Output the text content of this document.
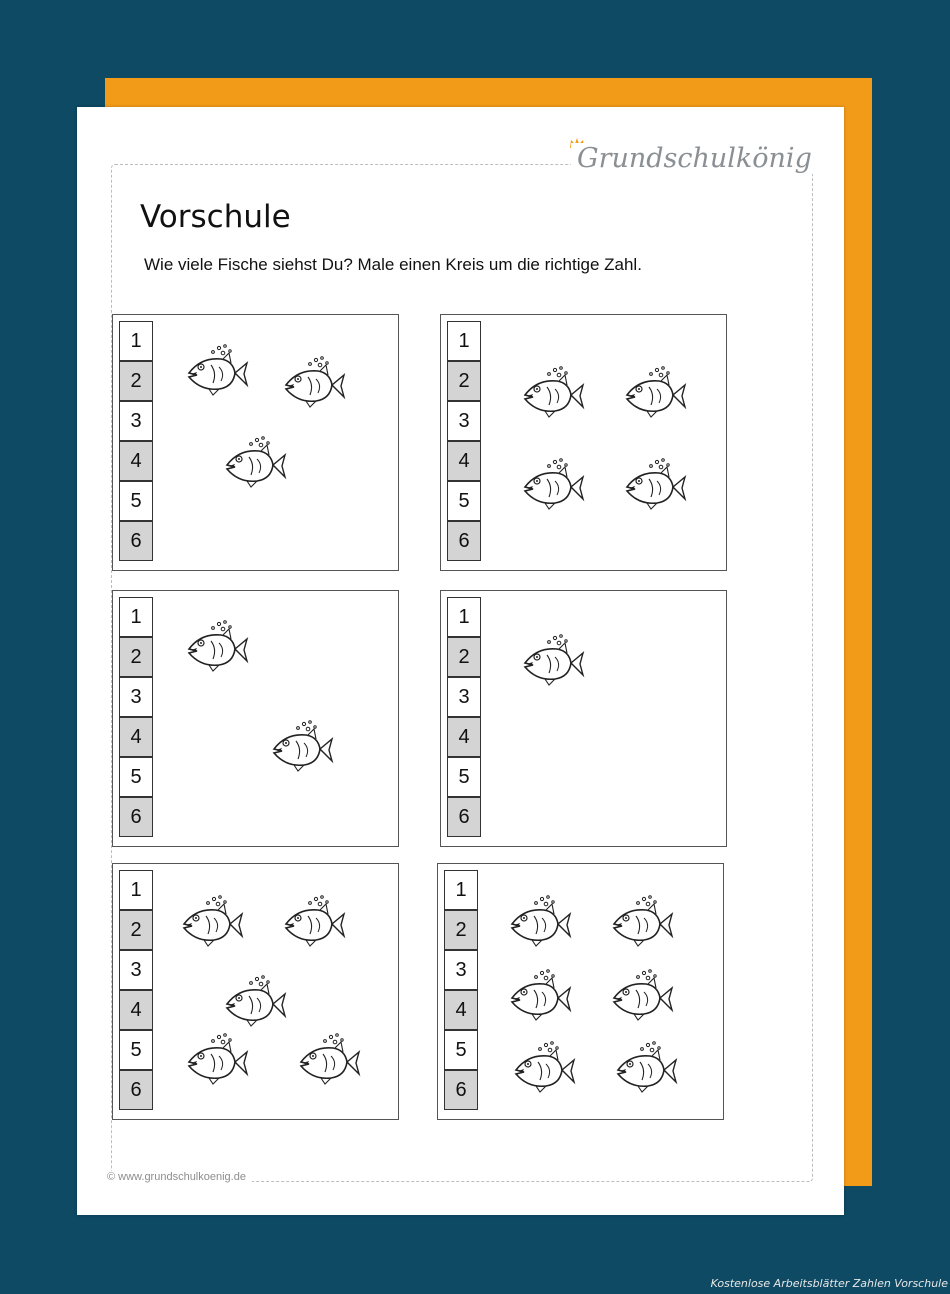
Grundschulkönig
Vorschule
Wie viele Fische siehst Du? Male einen Kreis um die richtige Zahl.
1
2
3
4
5
6
1
2
3
4
5
6
1
2
3
4
5
6
1
2
3
4
5
6
1
2
3
4
5
6
1
2
3
4
5
6
© www.grundschulkoenig.de
Kostenlose Arbeitsblätter Zahlen Vorschule
